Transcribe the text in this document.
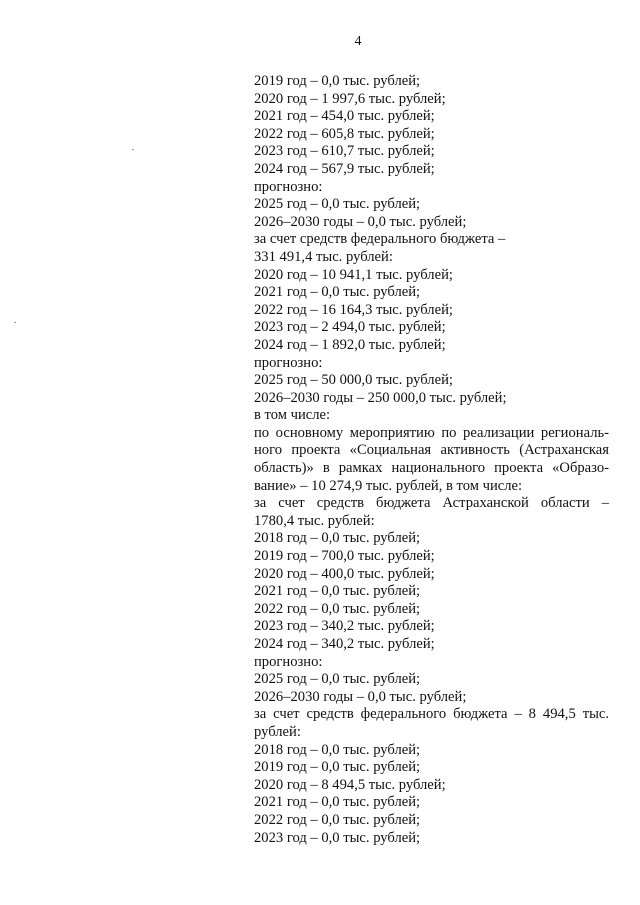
4
2019 год – 0,0 тыс. рублей;
2020 год – 1 997,6 тыс. рублей;
2021 год – 454,0 тыс. рублей;
2022 год – 605,8 тыс. рублей;
2023 год – 610,7 тыс. рублей;
2024 год – 567,9 тыс. рублей;
прогнозно:
2025 год – 0,0 тыс. рублей;
2026–2030 годы – 0,0 тыс. рублей;
за счет средств федерального бюджета –
331 491,4 тыс. рублей:
2020 год – 10 941,1 тыс. рублей;
2021 год – 0,0 тыс. рублей;
2022 год – 16 164,3 тыс. рублей;
2023 год – 2 494,0 тыс. рублей;
2024 год – 1 892,0 тыс. рублей;
прогнозно:
2025 год – 50 000,0 тыс. рублей;
2026–2030 годы – 250 000,0 тыс. рублей;
в том числе:
по основному мероприятию по реализации региональ-
ного проекта «Социальная активность (Астраханская
область)» в рамках национального проекта «Образо-
вание» – 10 274,9 тыс. рублей, в том числе:
за счет средств бюджета Астраханской области –
1780,4 тыс. рублей:
2018 год – 0,0 тыс. рублей;
2019 год – 700,0 тыс. рублей;
2020 год – 400,0 тыс. рублей;
2021 год – 0,0 тыс. рублей;
2022 год – 0,0 тыс. рублей;
2023 год – 340,2 тыс. рублей;
2024 год – 340,2 тыс. рублей;
прогнозно:
2025 год – 0,0 тыс. рублей;
2026–2030 годы – 0,0 тыс. рублей;
за счет средств федерального бюджета – 8 494,5 тыс.
рублей:
2018 год – 0,0 тыс. рублей;
2019 год – 0,0 тыс. рублей;
2020 год – 8 494,5 тыс. рублей;
2021 год – 0,0 тыс. рублей;
2022 год – 0,0 тыс. рублей;
2023 год – 0,0 тыс. рублей;
